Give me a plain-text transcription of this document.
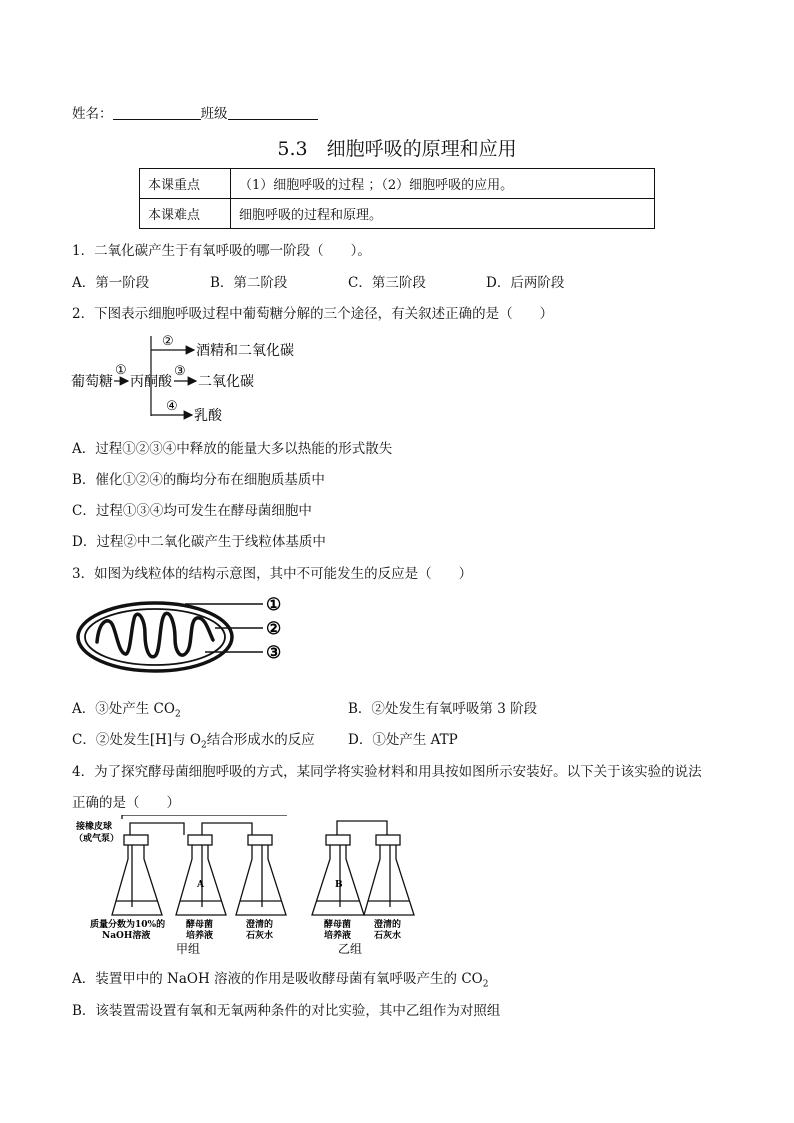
姓名：	班级
5.3　细胞呼吸的原理和应用
本课重点	（1）细胞呼吸的过程 ；（2）细胞呼吸的应用。
本课难点	细胞呼吸的过程和原理。
1．二氧化碳产生于有氧呼吸的哪一阶段（　　）。
A．第一阶段	B．第二阶段	C．第三阶段	D．后两阶段
2．下图表示细胞呼吸过程中葡萄糖分解的三个途径，有关叙述正确的是（　　）
葡萄糖
①
丙酮酸
②
酒精和二氧化碳
③
二氧化碳
④
乳酸
A．过程①②③④中释放的能量大多以热能的形式散失
B．催化①②④的酶均分布在细胞质基质中
C．过程①③④均可发生在酵母菌细胞中
D．过程②中二氧化碳产生于线粒体基质中
3．如图为线粒体的结构示意图，其中不可能发生的反应是（　　）
①
②
③
A．③处产生 $CO_2$	B．②处发生有氧呼吸第 3 阶段
C．②处发生[H]与 $O_2$结合形成水的反应 D．①处产生 ATP
4．为了探究酵母菌细胞呼吸的方式，某同学将实验材料和用具按如图所示安装好。以下关于该实验的说法
正确的是（　　）
接橡皮球
（或气泵）
A	B
质量分数为10%的
NaOH溶液
酵母菌
培养液
澄清的
石灰水
酵母菌
培养液
澄清的
石灰水
甲组	乙组
A．装置甲中的 NaOH 溶液的作用是吸收酵母菌有氧呼吸产生的 $CO_2$
B．该装置需设置有氧和无氧两种条件的对比实验，其中乙组作为对照组
